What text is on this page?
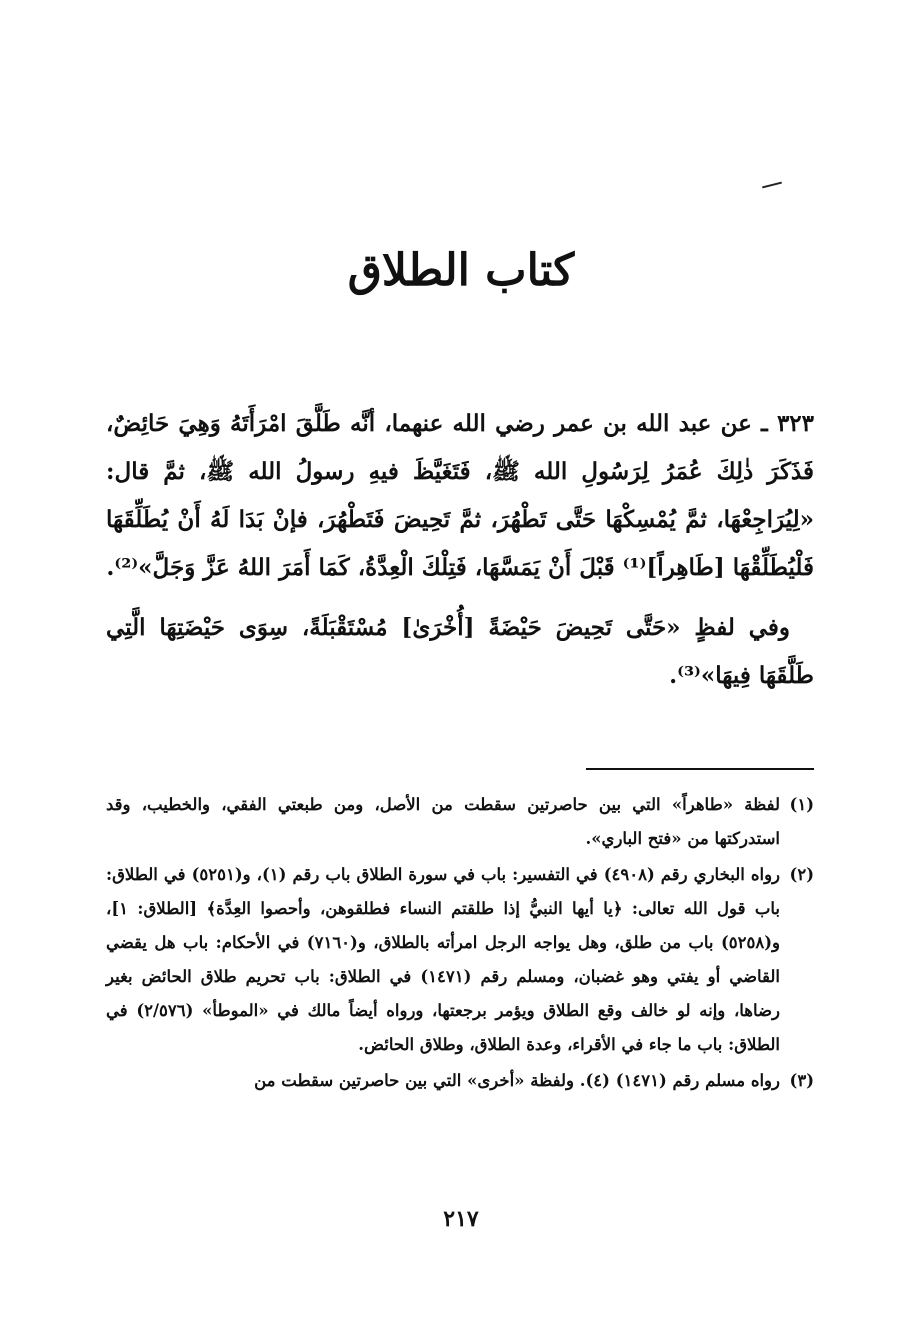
كتاب الطلاق

٣٢٣ ـ عن عبد الله بن عمر رضي الله عنهما، أنَّه طَلَّقَ امْرَأَتَهُ وَهِيَ حَائِضٌ، فَذَكَرَ ذٰلِكَ عُمَرُ لِرَسُولِ الله ﷺ، فَتَغَيَّظَ فيهِ رسولُ الله ﷺ، ثمَّ قال: «لِيُرَاجِعْهَا، ثمَّ يُمْسِكْهَا حَتَّى تَطْهُرَ، ثمَّ تَحِيضَ فَتَطْهُرَ، فإنْ بَدَا لَهُ أَنْ يُطَلِّقَهَا فَلْيُطَلِّقْهَا [طَاهِراً]⁽¹⁾ قَبْلَ أَنْ يَمَسَّهَا، فَتِلْكَ الْعِدَّةُ، كَمَا أَمَرَ اللهُ عَزَّ وَجَلَّ»⁽²⁾.

وفي لفظٍ «حَتَّى تَحِيضَ حَيْضَةً [أُخْرَىٰ] مُسْتَقْبَلَةً، سِوَى حَيْضَتِهَا الَّتِي طَلَّقَهَا فِيهَا»⁽³⁾.

(١)
لفظة «طاهراً» التي بين حاصرتين سقطت من الأصل، ومن طبعتي الفقي، والخطيب، وقد استدركتها من «فتح الباري».
(٢)
رواه البخاري رقم (٤٩٠٨) في التفسير: باب في سورة الطلاق باب رقم (١)، و(٥٢٥١) في الطلاق: باب قول الله تعالى: ﴿يا أيها النبيُّ إذا طلقتم النساء فطلقوهن، وأحصوا العِدَّة﴾ [الطلاق: ١]، و(٥٢٥٨) باب من طلق، وهل يواجه الرجل امرأته بالطلاق، و(٧١٦٠) في الأحكام: باب هل يقضي القاضي أو يفتي وهو غضبان، ومسلم رقم (١٤٧١) في الطلاق: باب تحريم طلاق الحائض بغير رضاها، وإنه لو خالف وقع الطلاق ويؤمر برجعتها، ورواه أيضاً مالك في «الموطأ» (٢/٥٧٦) في الطلاق: باب ما جاء في الأقراء، وعدة الطلاق، وطلاق الحائض.
(٣)
رواه مسلم رقم (١٤٧١) (٤). ولفظة «أخرى» التي بين حاصرتين سقطت من
٢١٧
